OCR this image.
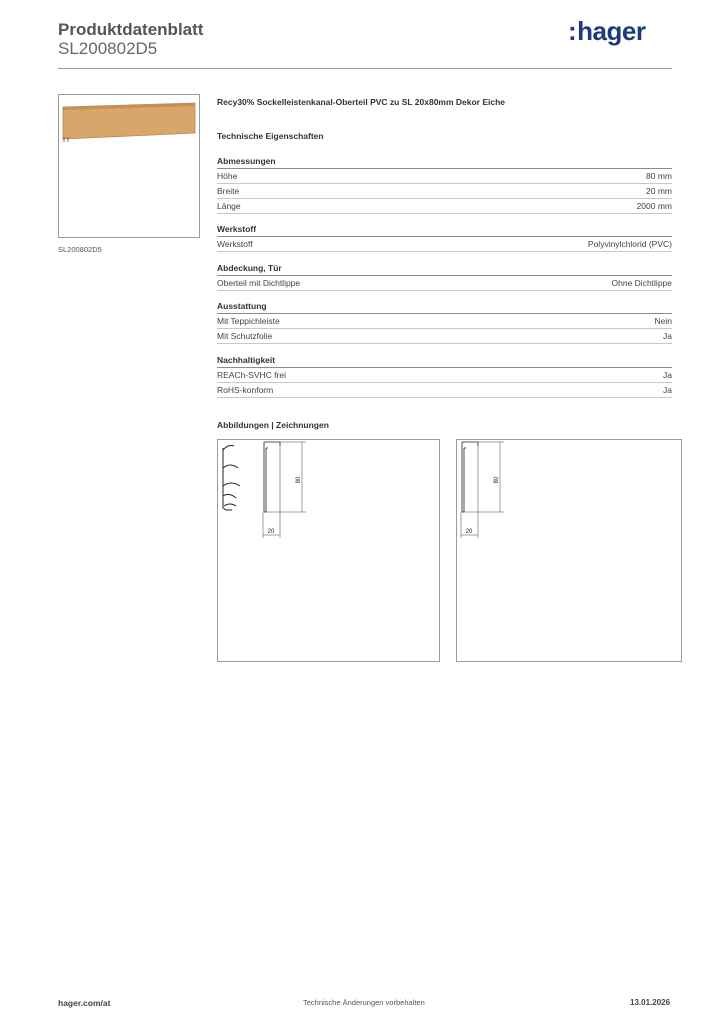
Produktdatenblatt
SL200802D5
:hager
SL200802D5
Recy30% Sockelleistenkanal-Oberteil PVC zu SL 20x80mm Dekor Eiche
Technische Eigenschaften
Abmessungen
Höhe	80 mm
Breite	20 mm
Länge	2000 mm
Werkstoff
Werkstoff	Polyvinylchlorid (PVC)
Abdeckung, Tür
Oberteil mit Dichtlippe	Ohne Dichtlippe
Ausstattung
Mit Teppichleiste	Nein
Mit Schutzfolie	Ja
Nachhaltigkeit
REACh-SVHC frei	Ja
RoHS-konform	Ja
Abbildungen | Zeichnungen
80
20
80
20
hager.com/at	Technische Änderungen vorbehalten	13.01.2026
